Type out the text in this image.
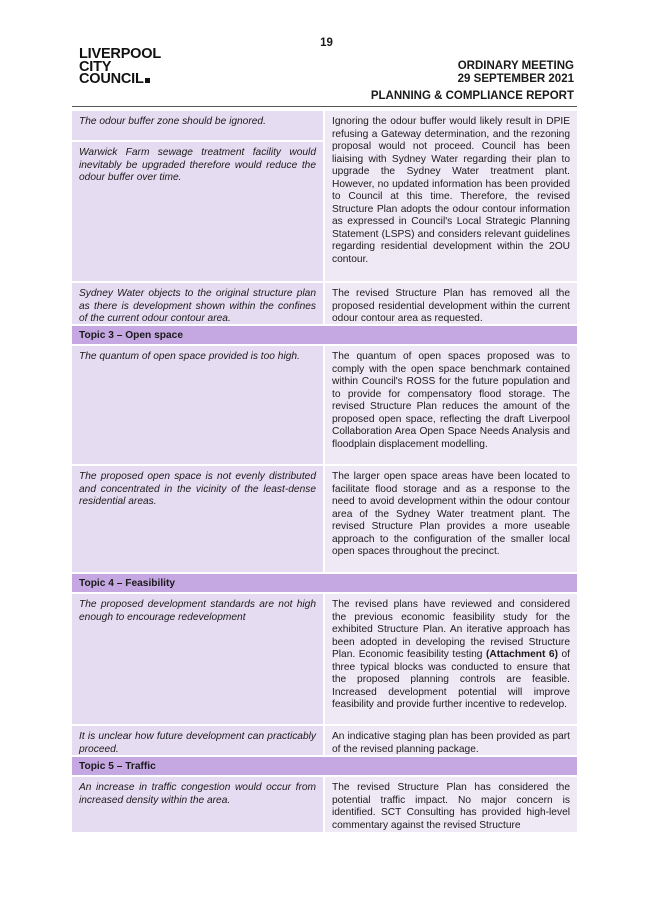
19
LIVERPOOL
CITY
COUNCIL
ORDINARY MEETING
29 SEPTEMBER 2021
PLANNING & COMPLIANCE REPORT
The odour buffer zone should be ignored.
Warwick Farm sewage treatment facility would inevitably be upgraded therefore would reduce the odour buffer over time.
Ignoring the odour buffer would likely result in DPIE refusing a Gateway determination, and the rezoning proposal would not proceed. Council has been liaising with Sydney Water regarding their plan to upgrade the Sydney Water treatment plant. However, no updated information has been provided to Council at this time. Therefore, the revised Structure Plan adopts the odour contour information as expressed in Council's Local Strategic Planning Statement (LSPS) and considers relevant guidelines regarding residential development within the 2OU contour.
Sydney Water objects to the original structure plan as there is development shown within the confines of the current odour contour area.
The revised Structure Plan has removed all the proposed residential development within the current odour contour area as requested.
Topic 3 – Open space
The quantum of open space provided is too high.	The quantum of open spaces proposed was to comply with the open space benchmark contained within Council's ROSS for the future population and to provide for compensatory flood storage. The revised Structure Plan reduces the amount of the proposed open space, reflecting the draft Liverpool Collaboration Area Open Space Needs Analysis and floodplain displacement modelling.
The proposed open space is not evenly distributed and concentrated in the vicinity of the least-dense residential areas.
The larger open space areas have been located to facilitate flood storage and as a response to the need to avoid development within the odour contour area of the Sydney Water treatment plant. The revised Structure Plan provides a more useable approach to the configuration of the smaller local open spaces throughout the precinct.
Topic 4 – Feasibility
The proposed development standards are not high enough to encourage redevelopment
The revised plans have reviewed and considered the previous economic feasibility study for the exhibited Structure Plan. An iterative approach has been adopted in developing the revised Structure Plan. Economic feasibility testing (Attachment 6) of three typical blocks was conducted to ensure that the proposed planning controls are feasible. Increased development potential will improve feasibility and provide further incentive to redevelop.
It is unclear how future development can practicably proceed.
An indicative staging plan has been provided as part of the revised planning package.
Topic 5 – Traffic
An increase in traffic congestion would occur from increased density within the area.
The revised Structure Plan has considered the potential traffic impact. No major concern is identified. SCT Consulting has provided high-level commentary against the revised Structure
